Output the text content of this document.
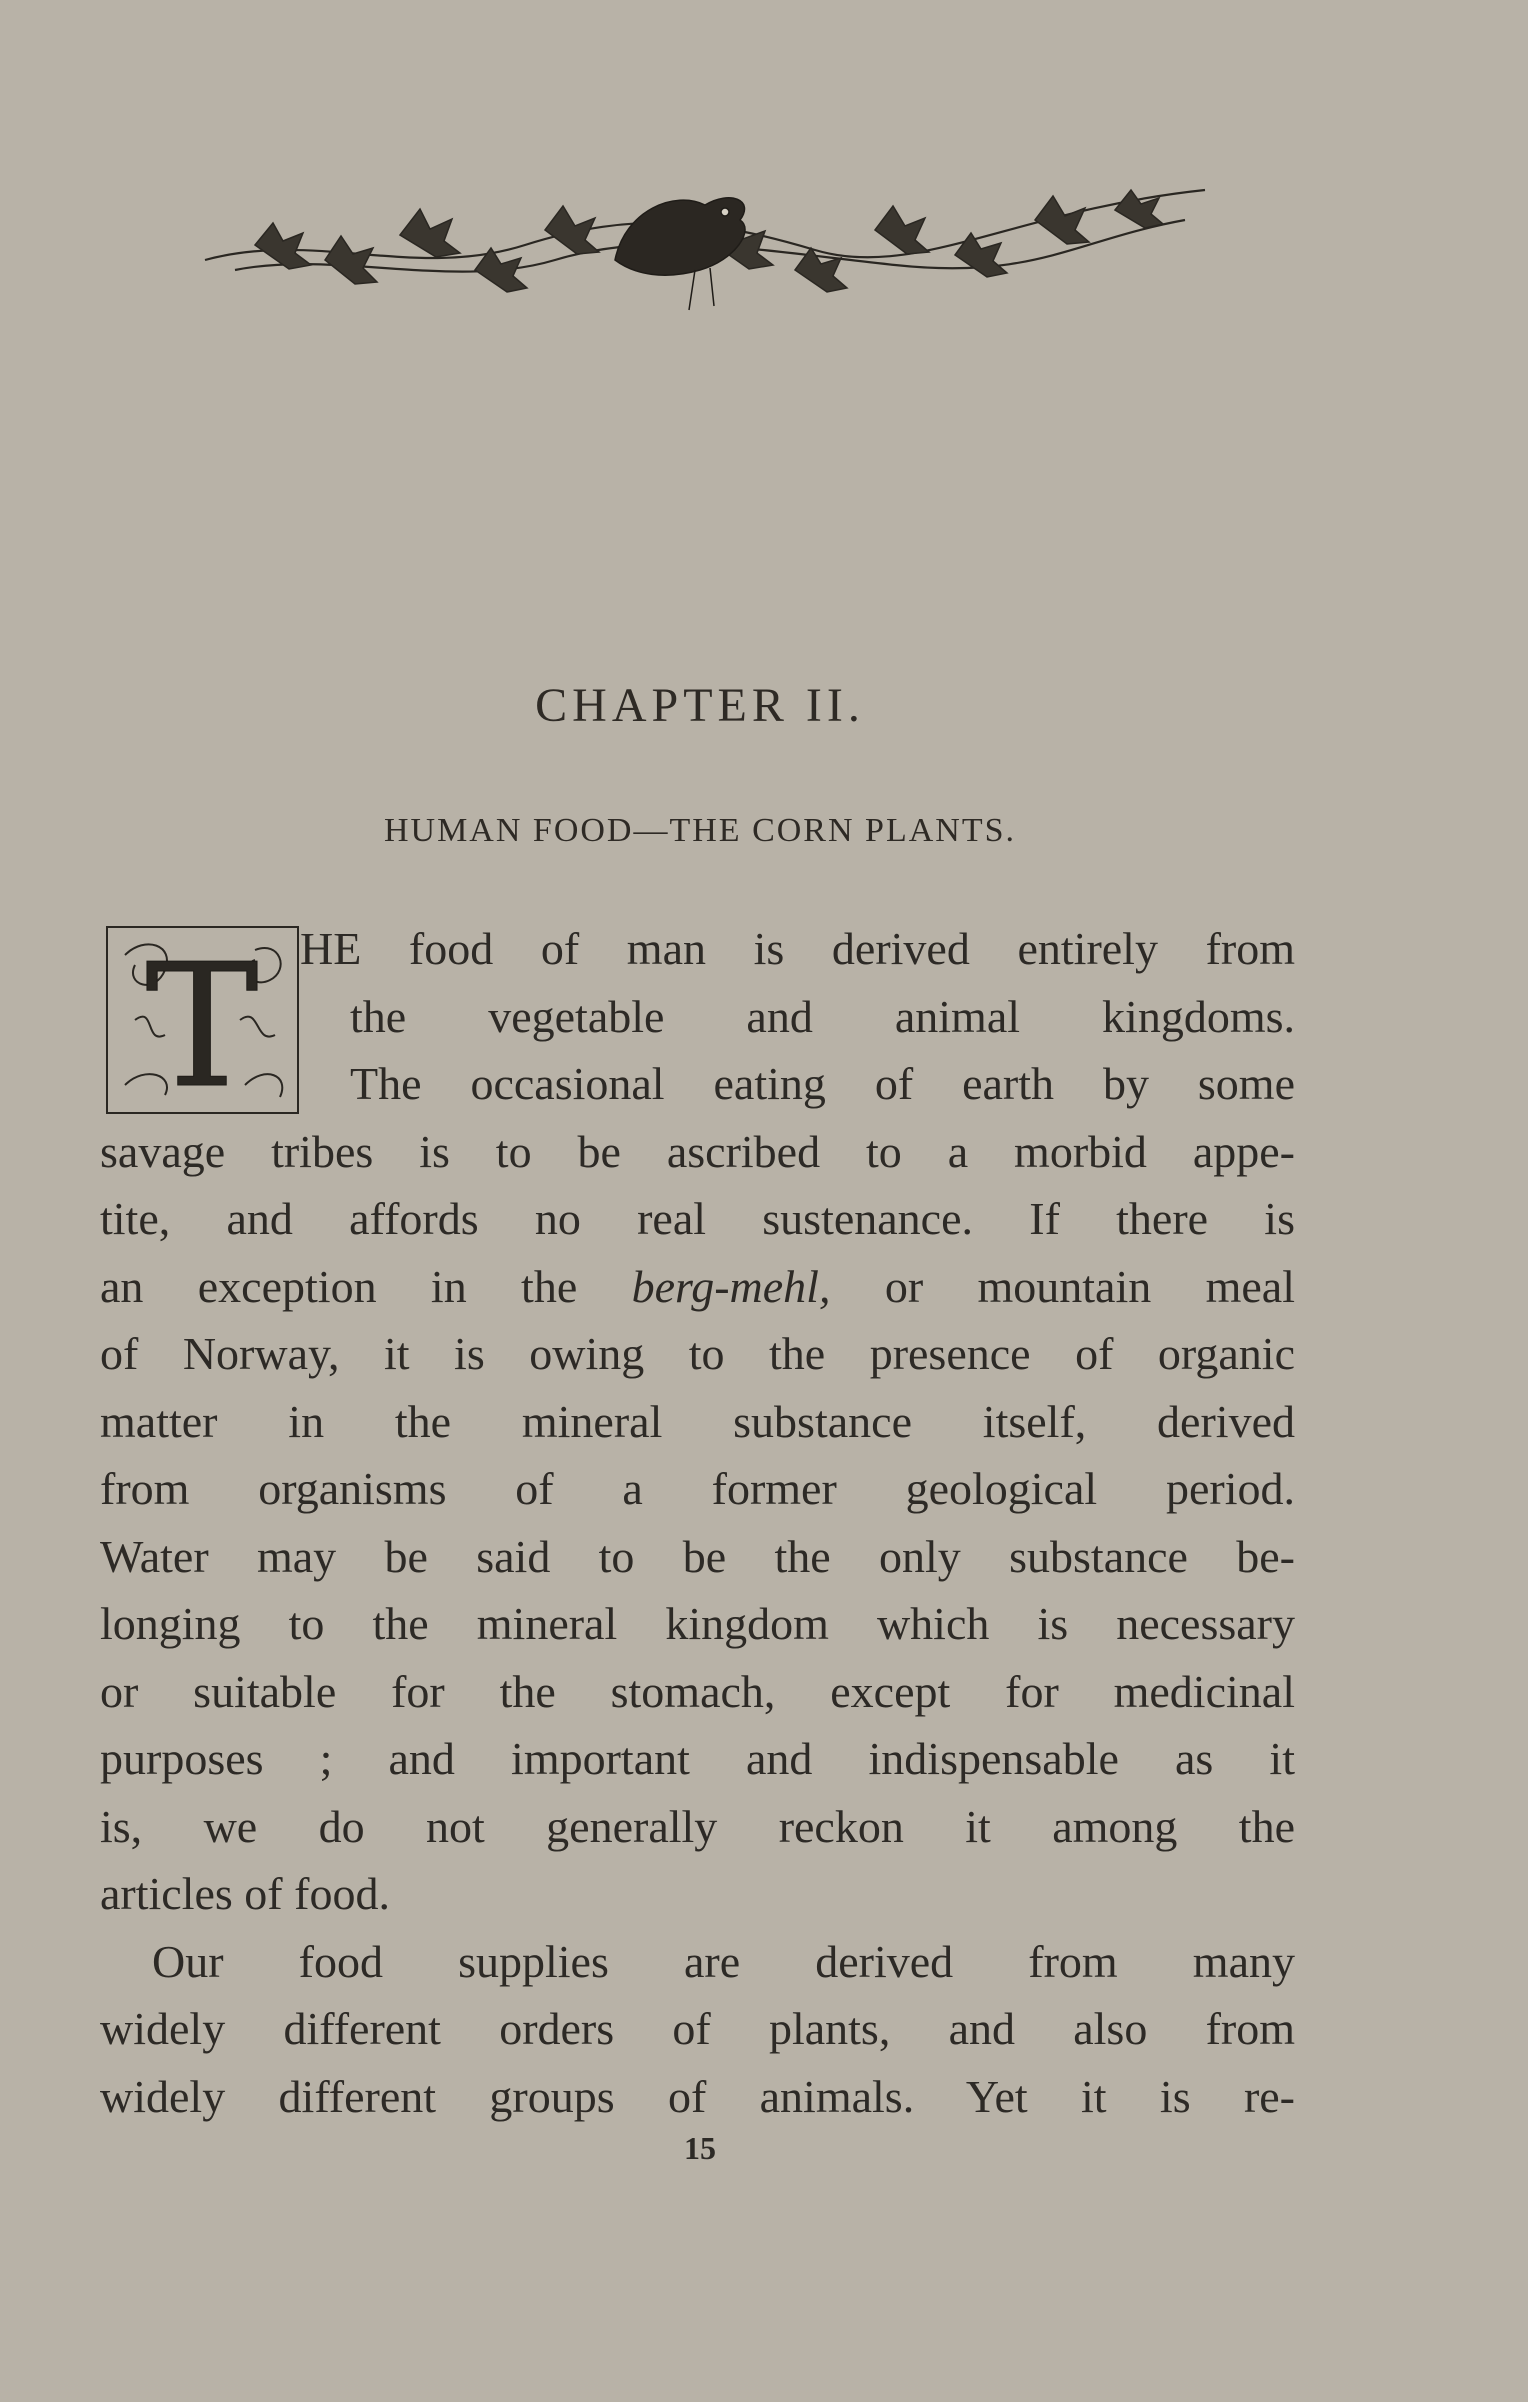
CHAPTER II.
HUMAN FOOD—THE CORN PLANTS.
T HE food of man is derived entirely from
the vegetable and animal kingdoms.
The occasional eating of earth by some
savage tribes is to be ascribed to a morbid appe-
tite, and affords no real sustenance. If there is
an exception in the berg-mehl, or mountain meal
of Norway, it is owing to the presence of organic
matter in the mineral substance itself, derived
from organisms of a former geological period.
Water may be said to be the only substance be-
longing to the mineral kingdom which is necessary
or suitable for the stomach, except for medicinal
purposes ; and important and indispensable as it
is, we do not generally reckon it among the
articles of food.
Our food supplies are derived from many
widely different orders of plants, and also from
widely different groups of animals. Yet it is re-
15
